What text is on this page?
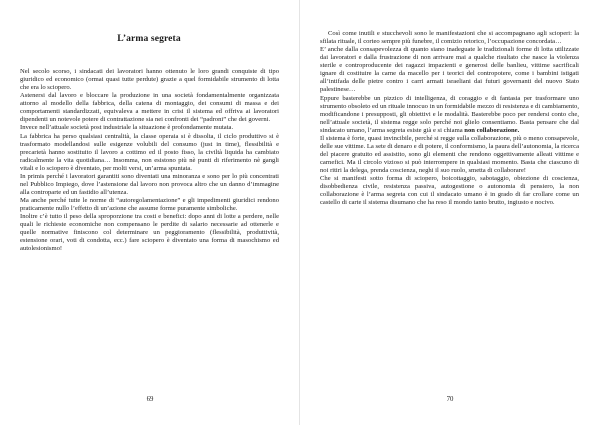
L’arma segreta

Nel secolo scorso, i sindacati dei lavoratori hanno ottenuto le loro grandi conquiste di tipo giuridico ed economico (ormai quasi tutte perdute) grazie a quel formidabile strumento di lotta che era lo sciopero.

Astenersi dal lavoro e bloccare la produzione in una società fondamentalmente organizzata attorno al modello della fabbrica, della catena di montaggio, dei consumi di massa e dei comportamenti standardizzati, equivaleva a mettere in crisi il sistema ed offriva ai lavoratori dipendenti un notevole potere di contrattazione sia nei confronti dei “padroni” che dei governi.

Invece nell’attuale società post industriale la situazione è profondamente mutata.

La fabbrica ha perso qualsiasi centralità, la classe operaia si è dissolta, il ciclo produttivo si è trasformato modellandosi sulle esigenze volubili del consumo (just in time), flessibilità e precarietà hanno sostituito il lavoro a cottimo ed il posto fisso, la civiltà liquida ha cambiato radicalmente la vita quotidiana… Insomma, non esistono più nè punti di riferimento nè gangli vitali e lo sciopero è diventato, per molti versi, un’arma spuntata.

In primis perché i lavoratori garantiti sono diventati una minoranza e sono per lo più concentrati nel Pubblico Impiego, dove l’astensione dal lavoro non provoca altro che un danno d’immagine alla controparte ed un fastidio all’utenza.

Ma anche perché tutte le norme di “autoregolamentazione” e gli impedimenti giuridici rendono praticamente nullo l’effetto di un’azione che assume forme puramente simboliche.

Inoltre c’è tutto il peso della sproporzione tra costi e benefici: dopo anni di lotte a perdere, nelle quali le richieste economiche non compensano le perdite di salario necessarie ad ottenerle e quelle normative finiscono col determinare un peggioramento (flessibilità, produttività, estensione orari, voti di condotta, ecc.) fare sciopero è diventato una forma di masochismo ed autolesionismo!

69

Così come inutili e stucchevoli sono le manifestazioni che si accompagnano agli scioperi: la sfilata rituale, il corteo sempre più funebre, il comizio retorico, l’occupazione concordata…

E’ anche dalla consapevolezza di quanto siano inadeguate le tradizionali forme di lotta utilizzate dai lavoratori e dalla frustrazione di non arrivare mai a qualche risultato che nasce la violenza sterile e controproducente dei ragazzi impazienti e generosi delle banlieu, vittime sacrificali ignare di costituire la carne da macello per i teorici del contropotere, come i bambini istigati all’intifada delle pietre contro i carri armati israeliani dai futuri governanti del nuovo Stato palestinese…

Eppure basterebbe un pizzico di intelligenza, di coraggio e di fantasia per trasformare uno strumento obsoleto ed un rituale innocuo in un formidabile mezzo di resistenza e di cambiamento, modificandone i presupposti, gli obiettivi e le modalità. Basterebbe poco per rendersi conto che, nell’attuale società, il sistema regge solo perché noi glielo consentiamo. Basta pensare che dal sindacato umano, l’arma segreta esiste già e si chiama non collaborazione.

Il sistema è forte, quasi invincibile, perché si regge sulla collaborazione, più o meno consapevole, delle sue vittime. La sete di denaro e di potere, il conformismo, la paura dell’autonomia, la ricerca del piacere gratuito ed assistito, sono gli elementi che rendono oggettivamente alleati vittime e carnefici. Ma il circolo vizioso si può interrompere in qualsiasi momento. Basta che ciascuno di noi ritiri la delega, prenda coscienza, neghi il suo ruolo, smetta di collaborare!

Che si manifesti sotto forma di sciopero, boicottaggio, sabotaggio, obiezione di coscienza, disobbedienza civile, resistenza passiva, autogestione o autonomia di pensiero, la non collaborazione è l’arma segreta con cui il sindacato umano è in grado di far crollare come un castello di carte il sistema disumano che ha reso il mondo tanto brutto, ingiusto e nocivo.

70
